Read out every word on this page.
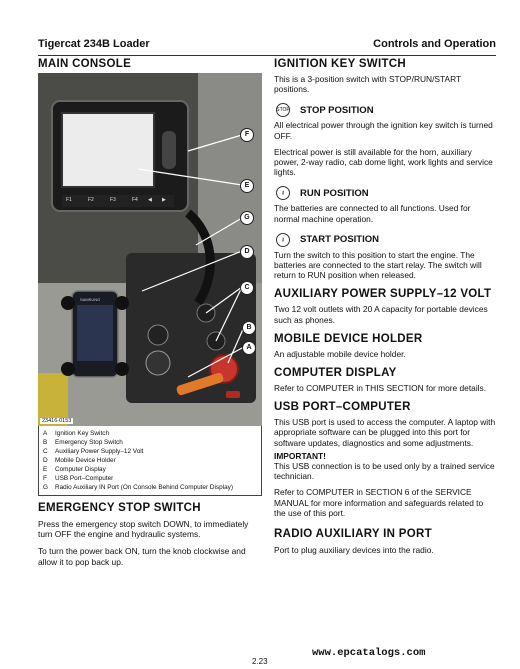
Tigercat 234B Loader	Controls and Operation
MAIN CONSOLE
F
E
G
D
C
B
A
F1	F2	F3	F4 ◀ ▶
SAMSUNG
23416-0153
A Ignition Key Switch
B Emergency Stop Switch
C Auxiliary Power Supply–12 Volt
D Mobile Device Holder
E Computer Display
F USB Port–Computer
G Radio Auxiliary IN Port (On Console Behind Computer Display)
EMERGENCY STOP SWITCH

Press the emergency stop switch DOWN, to immediately turn OFF the engine and hydraulic systems.

To turn the power back ON, turn the knob clockwise and allow it to pop back up.

IGNITION KEY SWITCH

This is a 3-position switch with STOP/RUN/START positions.

STOP STOP POSITION

All electrical power through the ignition key switch is turned OFF.

Electrical power is still available for the horn, auxiliary power, 2-way radio, cab dome light, work lights and service lights.

⚷	RUN POSITION

The batteries are connected to all functions. Used for normal machine operation.

⚷	START POSITION

Turn the switch to this position to start the engine. The batteries are connected to the start relay. The switch will return to RUN position when released.

AUXILIARY POWER SUPPLY–12 VOLT

Two 12 volt outlets with 20 A capacity for portable devices such as phones.

MOBILE DEVICE HOLDER

An adjustable mobile device holder.

COMPUTER DISPLAY

Refer to COMPUTER in THIS SECTION for more details.

USB PORT–COMPUTER

This USB port is used to access the computer. A laptop with appropriate software can be plugged into this port for software updates, diagnostics and some adjustments.

IMPORTANT!

This USB connection is to be used only by a trained service technician.

Refer to COMPUTER in SECTION 6 of the SERVICE MANUAL for more information and safeguards related to the use of this port.

RADIO AUXILIARY IN PORT

Port to plug auxiliary devices into the radio.

www.epcatalogs.com
2.23
